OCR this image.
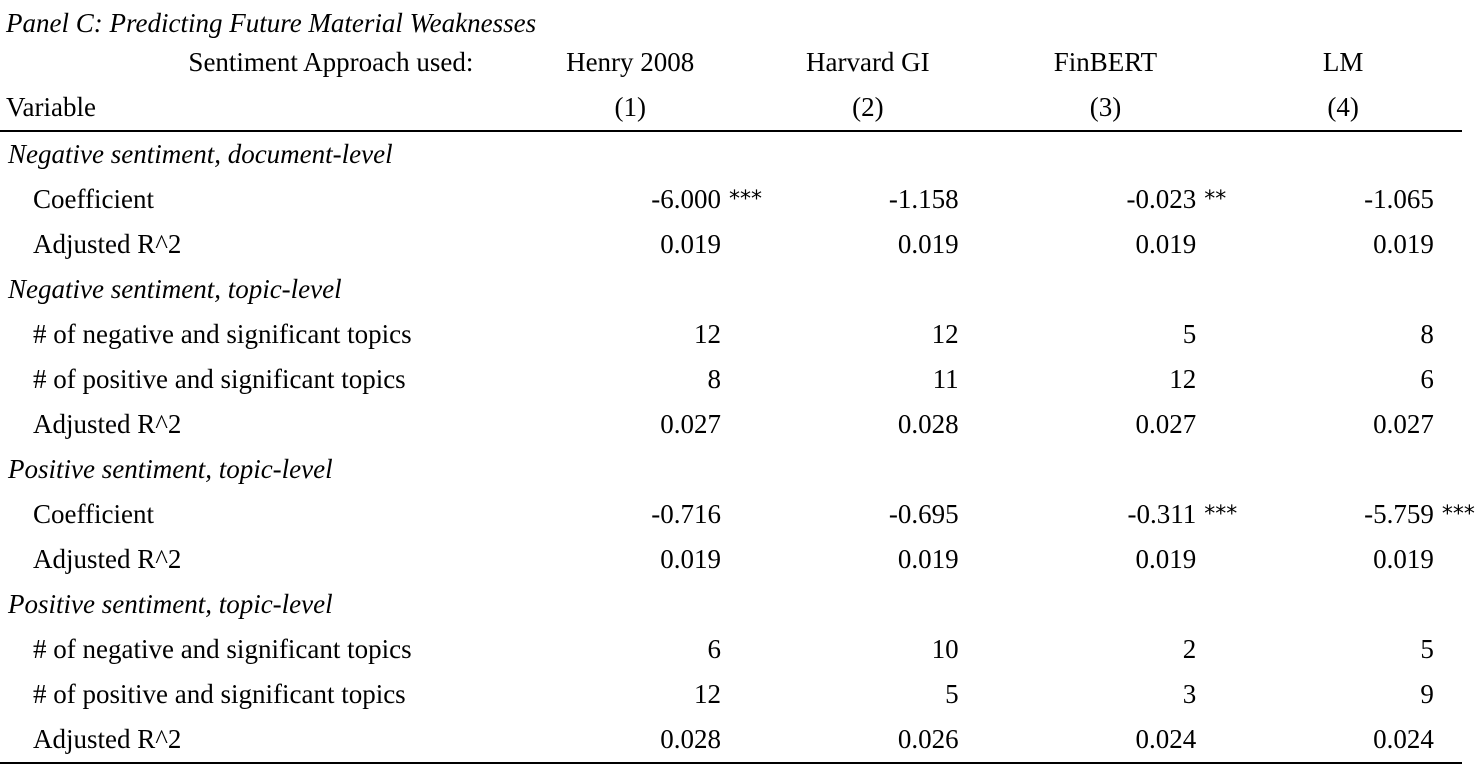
Panel C: Predicting Future Material Weaknesses
Sentiment Approach used:	Henry 2008		Harvard GI		FinBERT		LM	
Variable	(1)		(2)		(3)		(4)	
Negative sentiment, document-level								
Coefficient	-6.000	***	-1.158		-0.023	**	-1.065	
Adjusted R^2	0.019		0.019		0.019		0.019	
Negative sentiment, topic-level								
# of negative and significant topics	12		12		5		8	
# of positive and significant topics	8		11		12		6	
Adjusted R^2	0.027		0.028		0.027		0.027	
Positive sentiment, topic-level								
Coefficient	-0.716		-0.695		-0.311	***	-5.759	***
Adjusted R^2	0.019		0.019		0.019		0.019	
Positive sentiment, topic-level								
# of negative and significant topics	6		10		2		5	
# of positive and significant topics	12		5		3		9	
Adjusted R^2	0.028		0.026		0.024		0.024	
